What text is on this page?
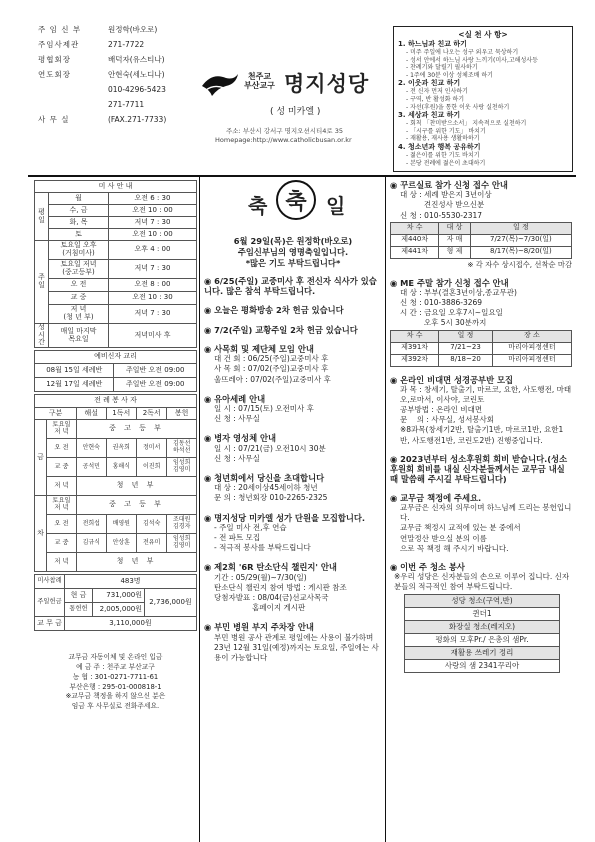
주 임 신 부	원정학(바오로)
주임사제관	271-7722
평협회장	배덕자(유스티나)
연도회장	안현숙(세노디나)
	010-4296-5423
	271-7711
사 무 실	(FAX.271-7733)
천주교
부산교구 명지성당
( 성 미카엘 )
주소: 부산시 강서구 명지오션시티4로 35
Homepage:http://www.catholicbusan.or.kr
<실 천 사 항>
1. 하느님과 친교 하기
- 미주 주일에 나오는 성구 외우고 묵상하기
- 성서 안에서 하느님 사랑 느끼기(미사,고해성사등
- 찬례기와 달릴기 필사하기
- 1주에 30분 이상 성체조배 하기
2. 이웃과 친교 하기
- 전 신자 먼저 인사하기
- 구역, 반 활성화 하기
- 자선(후원)을 통한 이웃 사랑 실천하기
3. 세상과 친교 하기
- 회칙 「찬미받으소서」 지속적으로 실천하기
- 「시구를 위한 기도」 바치기
- 재활용, 재사용 생활하하기
4. 청소년과 행복 공유하기
- 젊은이를 위한 기도 바치기
- 본당 전례에 젊은이 초대하기
미 사 안 내		
평
일	월	오전 6 : 30
	수, 금	오전 10 : 00
	화, 목	저녁 7 : 30
	토	오전 10 : 00
주
일	토요일 오후
(거침미사)	오후 4 : 00
	토요일 저녁
(중고등부)	저녁 7 : 30
	오 전	오전 8 : 00
	교 중	오전 10 : 30
	저 녁
(청 년 부)	저녁 7 : 30
성
시간	매일 마지막
목요일	저녁미사 후
예비신자 교리	
08월 15일 세례반	주일반 오전 09:00
12월 17일 세례반	주일반 오전 09:00
전 례 봉 사 자					
구분		해설	1독서	2독서	봉헌
금	토요일
저 녁	중 고 등 부			
	오 전	안현숙	권옥희	정미서	김동선
하석선
	교 중	공석민	홍해식	이진희	임성희
김영미
	저 녁	청 년 부			
차	토요일
저 녁	중 고 등 부			
	오 전	전희섭	배영원	김석숙	조대원
김경자
	교 중	김규식	안상훈	전유미	임성희
김영미
	저 녁	청 년 부			
미사참례	483명		
주일헌금	현 금	731,000원	2,736,000원
	통헌헌	2,005,000원	
교 무 금	3,110,000원		
교무금 자동이체 및 온라인 입금
예 금 주 : 천주교 부산교구
농 협 : 301-0271-7711-61
부산은행 : 295-01-000818-1
※교무금 책정을 하지 않으신 분은
임금 후 사무실로 전화주세요.
축 축 일
6월 29일(목)은 원정학(바오로)
주임신부님의 영명축일입니다.
*많은 기도 부탁드립니다*
◉ 6/25(주일) 교중미사 후 전신자 식사가 있습니다. 많은 참석 부탁드립니다.
◉ 오늘은 평화방송 2차 헌금 있습니다
◉ 7/2(주일) 교황주일 2차 헌금 있습니다
◉ 사목회 및 제단체 모임 안내
대 건 회 : 06/25(주일)교중미사 후
사 목 회 : 07/02(주일)교중미사 후
울뜨레아 : 07/02(주일)교중미사 후
◉ 유아세례 안내
일 시 : 07/15(토) 오전미사 후
신 청 : 사무실
◉ 병자 영성체 안내
일 시 : 07/21(금) 오전10시 30분
신 청 : 사무실
◉ 청년회에서 당신을 초대합니다
대 상 : 20세이상45세이하 청년
문 의 : 청년회장 010-2265-2325
◉ 명지성당 미카엘 성가 단원을 모집합니다.
- 주일 미사 전,후 연습
- 전 파트 모집
- 적극적 봉사를 부탁드립니다
◉ 제2회 '6R 탄소단식 챌린지' 안내
기간 : 05/29(월)~7/30(일)
탄소단식 챌린지 참여 방법 : 게시판 참조
당첨자발표 : 08/04(금)선교사목국
홈페이지 게시판
◉ 부민 병원 부지 주차장 안내
부민 병원 공사 관계로 평일에는 사용이 불가하며 23년 12월 31일(예정)까지는 토요일, 주일에는 사용이 가능합니다
◉ 꾸르실료 참가 신청 접수 안내
대 상 : 세례 받은지 3년이상
견진성사 받으신분
신 청 : 010-5530-2317
차 수	대 상	일 정
제440차	자 매	7/27(목)~7/30(일)
제441차	형 제	8/17(목)~8/20(일)
※ 각 자수 상시접수, 선착순 마감
◉ ME 주말 참가 신청 접수 안내
대 상 : 부부(결혼3년이상,종교무관)
신 청 : 010-3886-3269
시 간 : 금요일 오후7시~일요일
오후 5시 30분까지
차 수	일 정	장 소
제391차	7/21~23	마리아피정센터
제392차	8/18~20	마리아피정센터
◉ 온라인 비대면 성경공부반 모집
과 목 : 창세기, 탈출기, 마르코, 요한, 사도행전, 마태오,로마서, 이사야, 코린토
공부방법 : 온라인 비대면
문    의 : 사무실, 성서봉사회
※8과목(창세기2반, 탈출기1반, 마르코1반, 요한1반, 사도행전1반, 코린도2반) 진행중입니다.
◉ 2023년부터 성소후원회 회비 받습니다.(성소후원회 회비를 내실 신자분들께서는 교무금 내실 때 말씀해 주시길 부탁드립니다)
◉ 교무금 책정에 주세요.
교무금은 신자의 의무이며 하느님께 드리는 봉헌입니다.
교무금 책정시 교적에 있는 분 중에서
연말정산 받으실 분의 이름
으로 꼭 책정 해 주시기 바랍니다.
◉ 이번 주 청소 봉사
※우리 성당은 신자분들의 손으로 이루어 집니다. 신자분들의 적극적인 참여 부탁드립니다.
성당 청소(구역,반)
퀸더1
화장실 청소(레지오)
평화의 모후Pr./ 은총의 샘Pr.
재활용 쓰레기 정리
사랑의 샘 2341꾸리아
